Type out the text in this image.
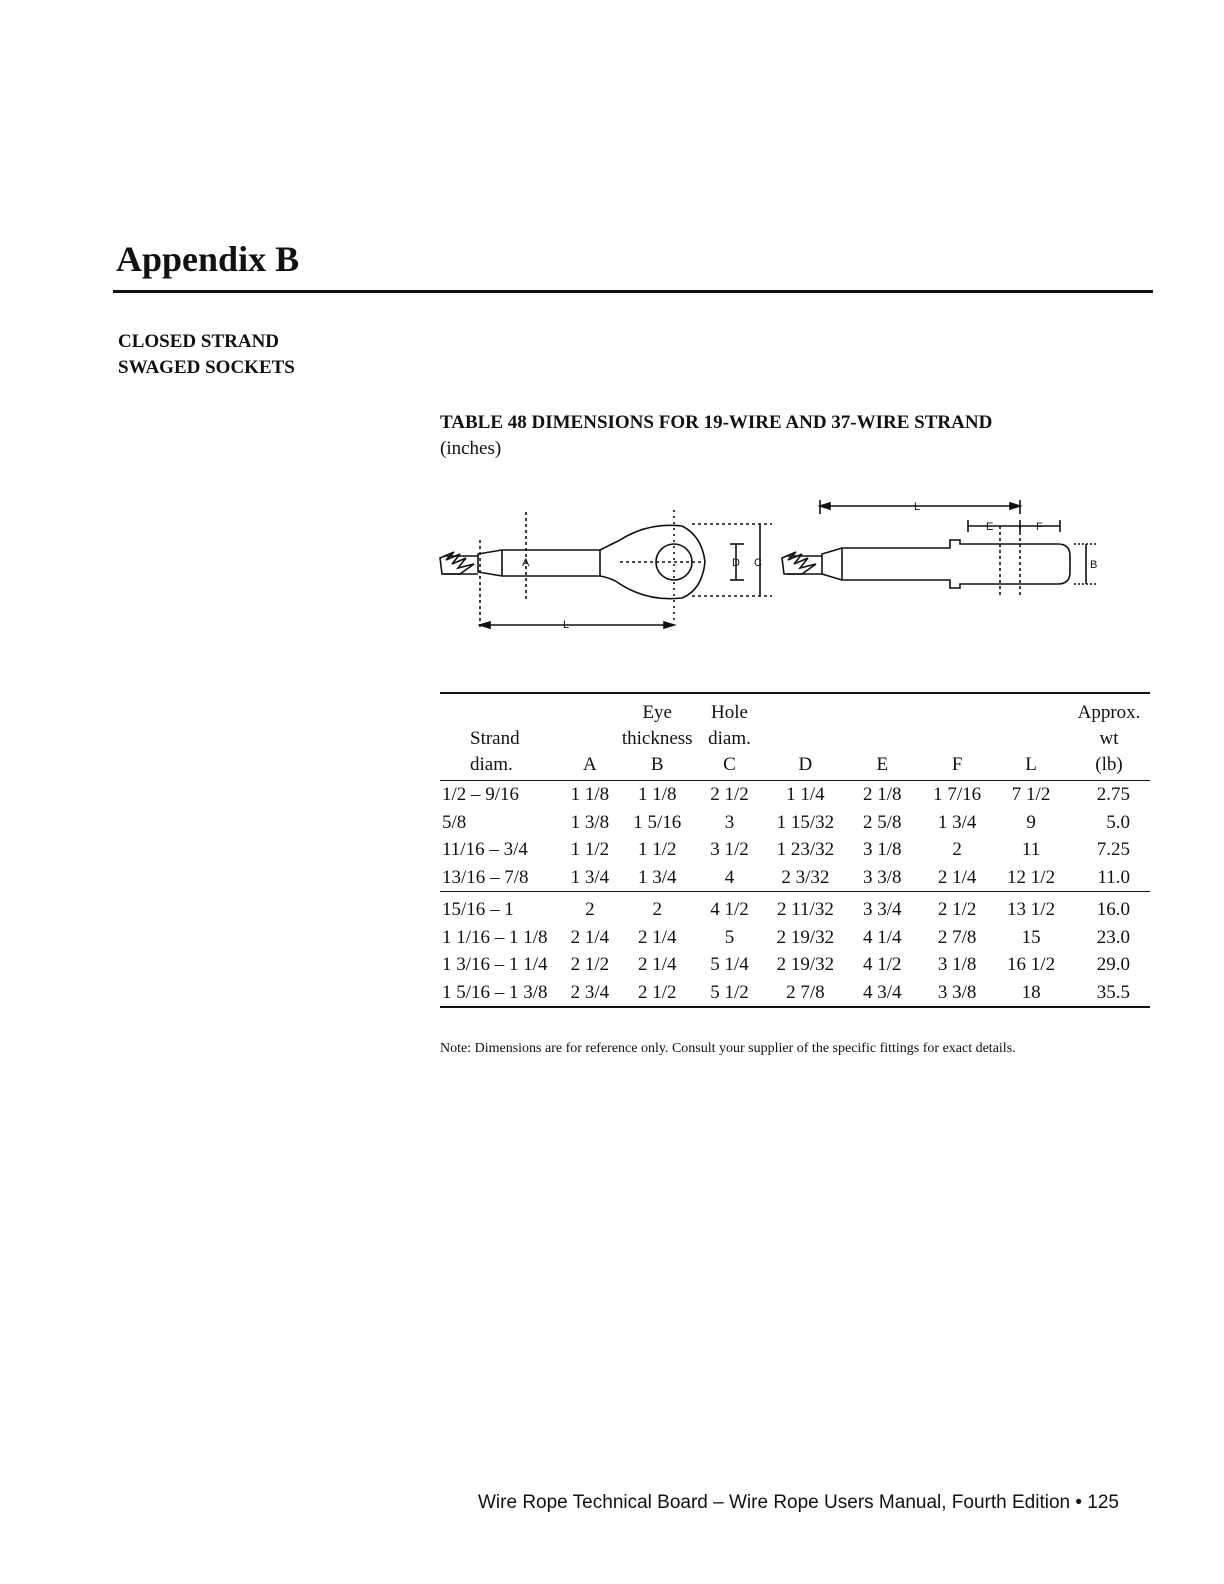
Appendix B
CLOSED STRAND
SWAGED SOCKETS
TABLE 48 DIMENSIONS FOR 19-WIRE AND 37-WIRE STRAND
(inches)
A
L
D C
L
E	F
B
		Eye	Hole					Approx.
Strand		thickness	diam.					wt
diam.	A	B	C	D	E	F	L	(lb)
1/2 – 9/16	1 1/8	1 1/8	2 1/2	1 1/4	2 1/8	1 7/16	7 1/2	2.75
5/8	1 3/8	1 5/16	3	1 15/32	2 5/8	1 3/4	9	5.0
11/16 – 3/4	1 1/2	1 1/2	3 1/2	1 23/32	3 1/8	2	11	7.25
13/16 – 7/8	1 3/4	1 3/4	4	2 3/32	3 3/8	2 1/4	12 1/2	11.0
15/16 – 1	2	2	4 1/2	2 11/32	3 3/4	2 1/2	13 1/2	16.0
1 1/16 – 1 1/8	2 1/4	2 1/4	5	2 19/32	4 1/4	2 7/8	15	23.0
1 3/16 – 1 1/4	2 1/2	2 1/4	5 1/4	2 19/32	4 1/2	3 1/8	16 1/2	29.0
1 5/16 – 1 3/8	2 3/4	2 1/2	5 1/2	2 7/8	4 3/4	3 3/8	18	35.5
Note: Dimensions are for reference only. Consult your supplier of the specific fittings for exact details.
Wire Rope Technical Board – Wire Rope Users Manual, Fourth Edition • 125
